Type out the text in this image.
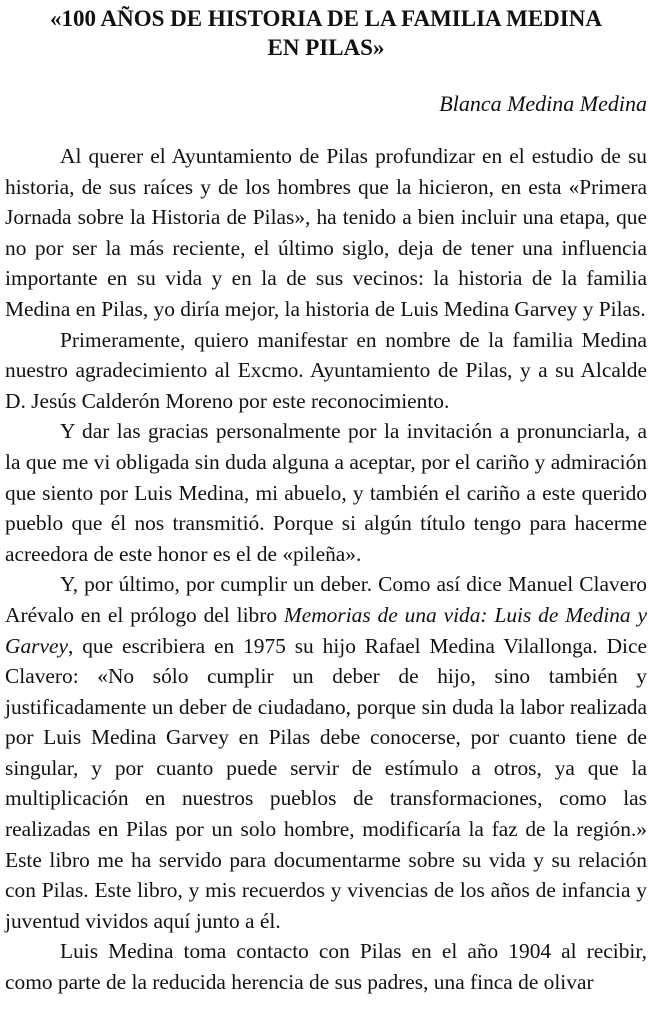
«100 AÑOS DE HISTORIA DE LA FAMILIA MEDINA
EN PILAS»

Blanca Medina Medina

Al querer el Ayuntamiento de Pilas profundizar en el estudio de su historia, de sus raíces y de los hombres que la hicieron, en esta «Primera Jornada sobre la Historia de Pilas», ha tenido a bien incluir una etapa, que no por ser la más reciente, el último siglo, deja de tener una influencia importante en su vida y en la de sus vecinos: la historia de la familia Medina en Pilas, yo diría mejor, la historia de Luis Medina Garvey y Pilas.

Primeramente, quiero manifestar en nombre de la familia Medina nuestro agradecimiento al Excmo. Ayuntamiento de Pilas, y a su Alcalde D. Jesús Calderón Moreno por este reconocimiento.

Y dar las gracias personalmente por la invitación a pronunciarla, a la que me vi obligada sin duda alguna a aceptar, por el cariño y admiración que siento por Luis Medina, mi abuelo, y también el cariño a este querido pueblo que él nos transmitió. Porque si algún título tengo para hacerme acreedora de este honor es el de «pileña».

Y, por último, por cumplir un deber. Como así dice Manuel Clavero Arévalo en el prólogo del libro Memorias de una vida: Luis de Medina y Garvey, que escribiera en 1975 su hijo Rafael Medina Vilallonga. Dice Clavero: «No sólo cumplir un deber de hijo, sino también y justificadamente un deber de ciudadano, porque sin duda la labor realizada por Luis Medina Garvey en Pilas debe conocerse, por cuanto tiene de singular, y por cuanto puede servir de estímulo a otros, ya que la multiplicación en nuestros pueblos de transformaciones, como las realizadas en Pilas por un solo hombre, modificaría la faz de la región.» Este libro me ha servido para documentarme sobre su vida y su relación con Pilas. Este libro, y mis recuerdos y vivencias de los años de infancia y juventud vividos aquí junto a él.

Luis Medina toma contacto con Pilas en el año 1904 al recibir, como parte de la reducida herencia de sus padres, una finca de olivar
